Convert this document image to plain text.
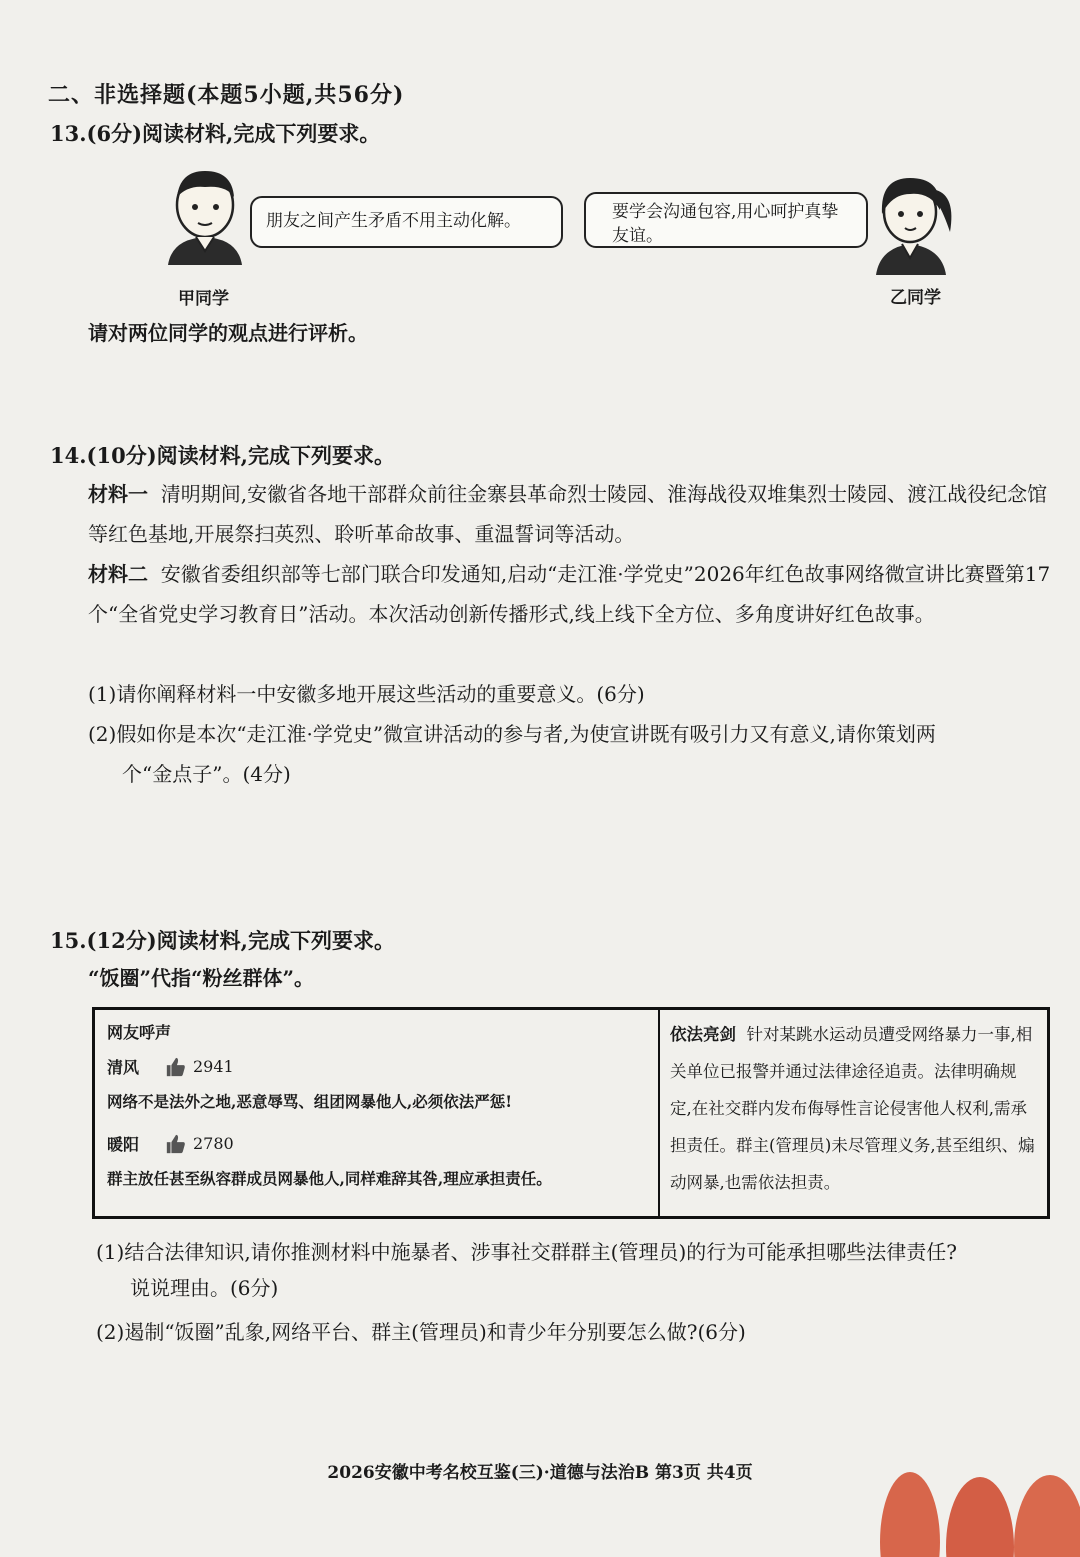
二、非选择题(本题5小题,共56分)
13.(6分)阅读材料,完成下列要求。
朋友之间产生矛盾不用主动化解。
甲同学
要学会沟通包容,用心呵护真挚友谊。
乙同学
请对两位同学的观点进行评析。
14.(10分)阅读材料,完成下列要求。
材料一 清明期间,安徽省各地干部群众前往金寨县革命烈士陵园、淮海战役双堆集烈士陵园、渡江战役纪念馆等红色基地,开展祭扫英烈、聆听革命故事、重温誓词等活动。
材料二 安徽省委组织部等七部门联合印发通知,启动“走江淮·学党史”2026年红色故事网络微宣讲比赛暨第17个“全省党史学习教育日”活动。本次活动创新传播形式,线上线下全方位、多角度讲好红色故事。
(1)请你阐释材料一中安徽多地开展这些活动的重要意义。(6分)
(2)假如你是本次“走江淮·学党史”微宣讲活动的参与者,为使宣讲既有吸引力又有意义,请你策划两
个“金点子”。(4分)
15.(12分)阅读材料,完成下列要求。
“饭圈”代指“粉丝群体”。
网友呼声
清风	2941
网络不是法外之地,恶意辱骂、组团网暴他人,必须依法严惩!
暖阳	2780
群主放任甚至纵容群成员网暴他人,同样难辞其咎,理应承担责任。
依法亮剑 针对某跳水运动员遭受网络暴力一事,相关单位已报警并通过法律途径追责。法律明确规定,在社交群内发布侮辱性言论侵害他人权利,需承担责任。群主(管理员)未尽管理义务,甚至组织、煽动网暴,也需依法担责。
(1)结合法律知识,请你推测材料中施暴者、涉事社交群群主(管理员)的行为可能承担哪些法律责任?
说说理由。(6分)
(2)遏制“饭圈”乱象,网络平台、群主(管理员)和青少年分别要怎么做?(6分)
2026安徽中考名校互鉴(三)·道德与法治B 第3页 共4页
